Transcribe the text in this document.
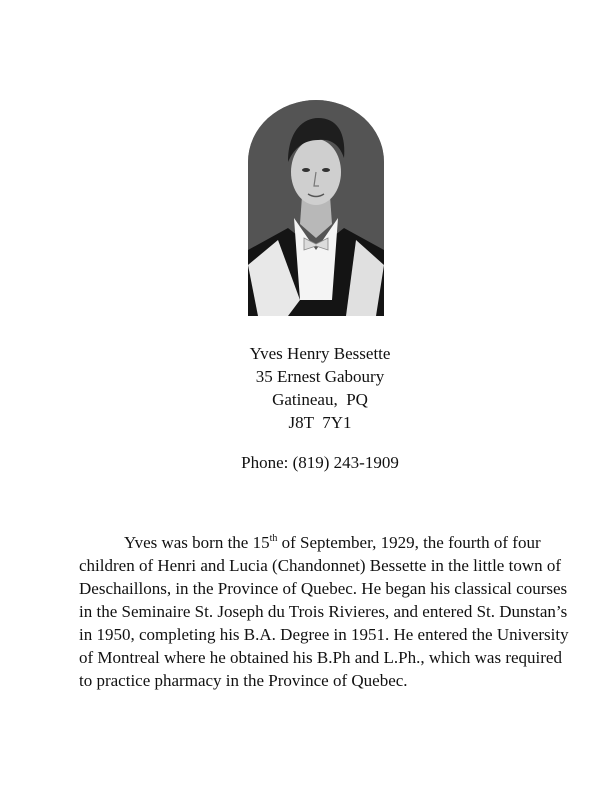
Yves Henry Bessette
35 Ernest Gaboury
Gatineau,  PQ
J8T  7Y1
Phone: (819) 243-1909

Yves was born the 15th of September, 1929, the fourth of four children of Henri and Lucia (Chandonnet) Bessette in the little town of Deschaillons, in the Province of Quebec. He began his classical courses in the Seminaire St. Joseph du Trois Rivieres, and entered St. Dunstan’s in 1950, completing his B.A. Degree in 1951. He entered the University of Montreal where he obtained his B.Ph and L.Ph., which was required to practice pharmacy in the Province of Quebec.
